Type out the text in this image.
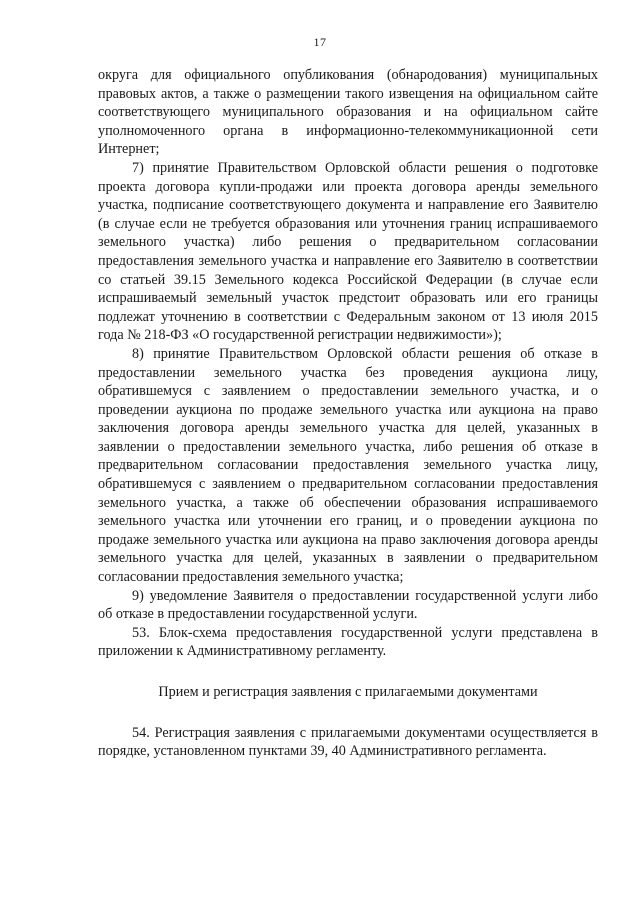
17

округа для официального опубликования (обнародования) муниципальных правовых актов, а также о размещении такого извещения на официальном сайте соответствующего муниципального образования и на официальном сайте уполномоченного органа в информационно-телекоммуникационной сети Интернет;

7) принятие Правительством Орловской области решения о подготовке проекта договора купли-продажи или проекта договора аренды земельного участка, подписание соответствующего документа и направление его Заявителю (в случае если не требуется образования или уточнения границ испрашиваемого земельного участка) либо решения о предварительном согласовании предоставления земельного участка и направление его Заявителю в соответствии со статьей 39.15 Земельного кодекса Российской Федерации (в случае если испрашиваемый земельный участок предстоит образовать или его границы подлежат уточнению в соответствии с Федеральным законом от 13 июля 2015 года № 218-ФЗ «О государственной регистрации недвижимости»);

8) принятие Правительством Орловской области решения об отказе в предоставлении земельного участка без проведения аукциона лицу, обратившемуся с заявлением о предоставлении земельного участка, и о проведении аукциона по продаже земельного участка или аукциона на право заключения договора аренды земельного участка для целей, указанных в заявлении о предоставлении земельного участка, либо решения об отказе в предварительном согласовании предоставления земельного участка лицу, обратившемуся с заявлением о предварительном согласовании предоставления земельного участка, а также об обеспечении образования испрашиваемого земельного участка или уточнении его границ, и о проведении аукциона по продаже земельного участка или аукциона на право заключения договора аренды земельного участка для целей, указанных в заявлении о предварительном согласовании предоставления земельного участка;

9) уведомление Заявителя о предоставлении государственной услуги либо об отказе в предоставлении государственной услуги.

53. Блок-схема предоставления государственной услуги представлена в приложении к Административному регламенту.

Прием и регистрация заявления с прилагаемыми документами

54. Регистрация заявления с прилагаемыми документами осуществляется в порядке, установленном пунктами 39, 40 Административного регламента.
